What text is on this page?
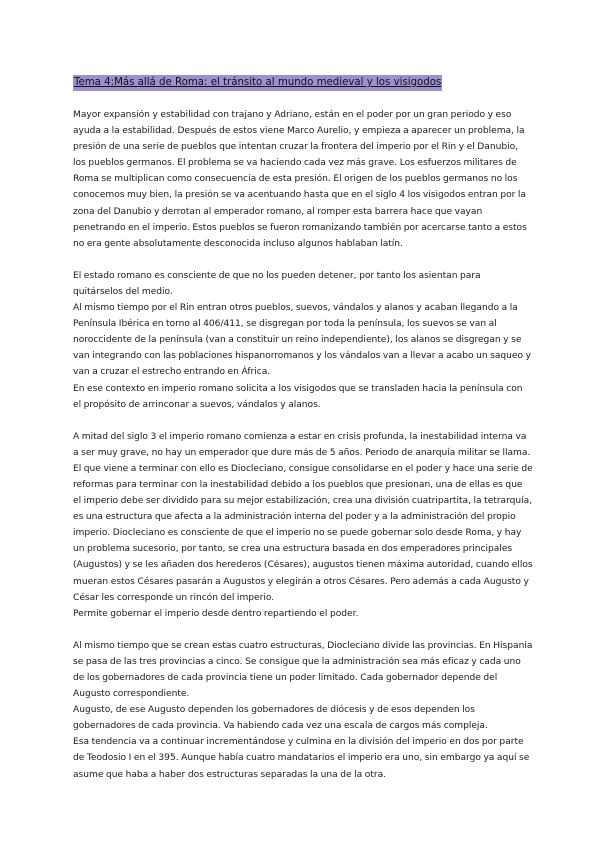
Tema 4:Más allá de Roma: el tránsito al mundo medieval y los visigodos

Mayor expansión y estabilidad con trajano y Adriano, están en el poder por un gran periodo y eso ayuda a la estabilidad. Después de estos viene Marco Aurelio, y empieza a aparecer un problema, la presión de una serie de pueblos que intentan cruzar la frontera del imperio por el Rin y el Danubio, los pueblos germanos. El problema se va haciendo cada vez más grave. Los esfuerzos militares de Roma se multiplican como consecuencia de esta presión. El origen de los pueblos germanos no los conocemos muy bien, la presión se va acentuando hasta que en el siglo 4 los visigodos entran por la zona del Danubio y derrotan al emperador romano, al romper esta barrera hace que vayan penetrando en el imperio. Estos pueblos se fueron romanizando también por acercarse tanto a estos no era gente absolutamente desconocida incluso algunos hablaban latín.

El estado romano es consciente de que no los pueden detener, por tanto los asientan para quitárselos del medio.

Al mismo tiempo por el Rin entran otros pueblos, suevos, vándalos y alanos y acaban llegando a la Península Ibérica en torno al 406/411, se disgregan por toda la península, los suevos se van al noroccidente de la península (van a constituir un reino independiente), los alanos se disgregan y se van integrando con las poblaciones hispanorromanos y los vándalos van a llevar a acabo un saqueo y van a cruzar el estrecho entrando en África.

En ese contexto en imperio romano solicita a los visigodos que se transladen hacia la península con el propósito de arrinconar a suevos, vándalos y alanos.

A mitad del siglo 3 el imperio romano comienza a estar en crisis profunda, la inestabilidad interna va a ser muy grave, no hay un emperador que dure más de 5 años. Periodo de anarquía militar se llama. El que viene a terminar con ello es Diocleciano, consigue consolidarse en el poder y hace una serie de reformas para terminar con la inestabilidad debido a los pueblos que presionan, una de ellas es que el imperio debe ser dividido para su mejor estabilización, crea una división cuatripartita, la tetrarquía, es una estructura que afecta a la administración interna del poder y a la administración del propio imperio. Diocleciano es consciente de que el imperio no se puede gobernar solo desde Roma, y hay un problema sucesorio, por tanto, se crea una estructura basada en dos emperadores principales (Augustos) y se les añaden dos herederos (Césares), augustos tienen máxima autoridad, cuando ellos mueran estos Césares pasarán a Augustos y elegirán a otros Césares. Pero además a cada Augusto y César les corresponde un rincón del imperio.

Permite gobernar el imperio desde dentro repartiendo el poder.

Al mismo tiempo que se crean estas cuatro estructuras, Diocleciano divide las provincias. En Hispania se pasa de las tres provincias a cinco. Se consigue que la administración sea más eficaz y cada uno de los gobernadores de cada provincia tiene un poder limitado. Cada gobernador depende del Augusto correspondiente.

Augusto, de ese Augusto dependen los gobernadores de diócesis y de esos dependen los gobernadores de cada provincia. Va habiendo cada vez una escala de cargos más compleja.

Esa tendencia va a continuar incrementándose y culmina en la división del imperio en dos por parte de Teodosio I en el 395. Aunque había cuatro mandatarios el imperio era uno, sin embargo ya aquí se asume que haba a haber dos estructuras separadas la una de la otra.
